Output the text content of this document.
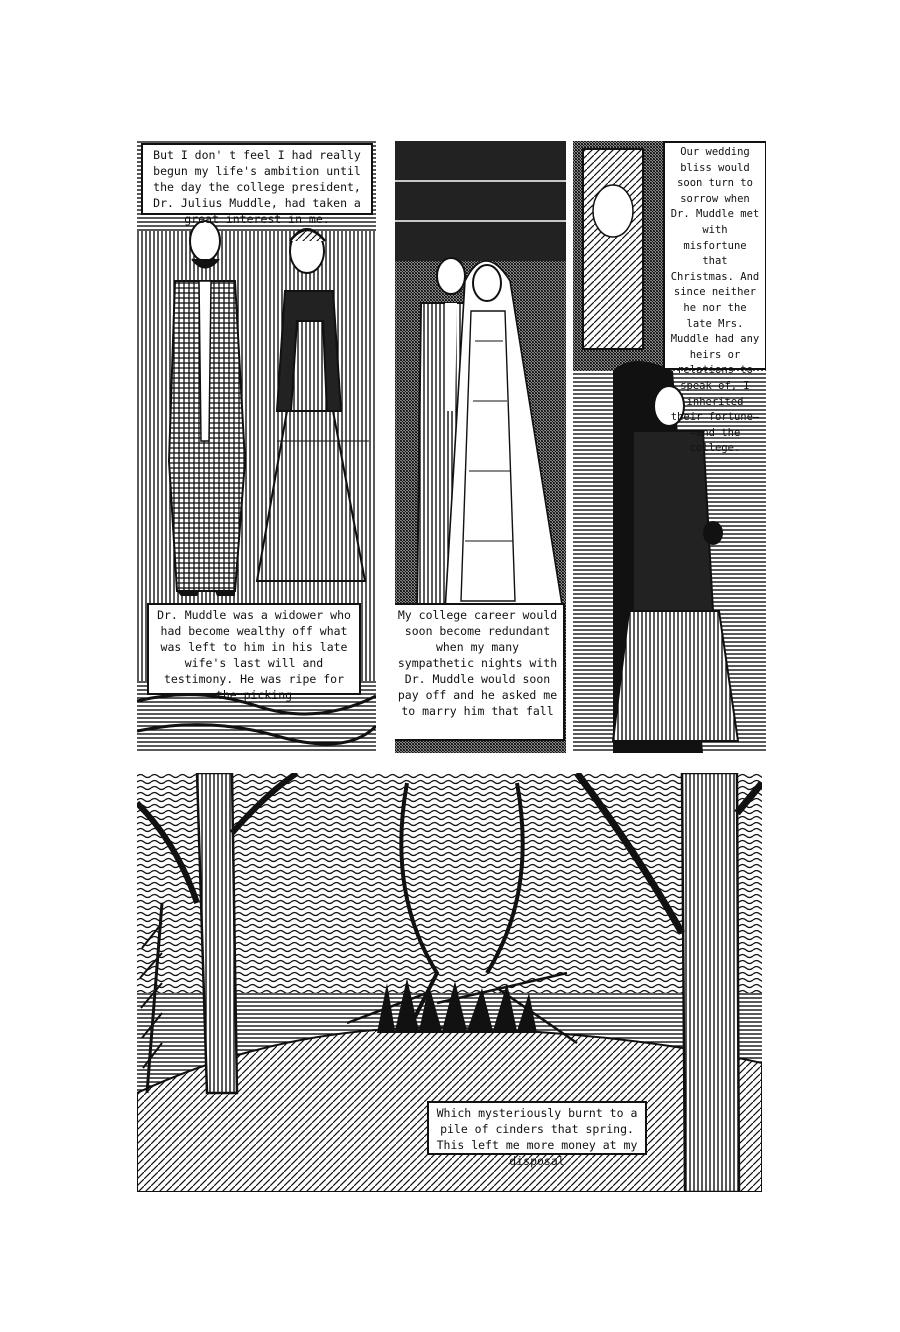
But I don' t feel I had really begun my life's ambition until the day the college president, Dr. Julius Muddle, had taken a great interest in me.
Dr. Muddle was a widower who had become wealthy off what was left to him in his late wife's last will and testimony. He was ripe for the picking
My college career would soon become redundant when my many sympathetic nights with Dr. Muddle would soon pay off and he asked me to marry him that fall
Our wedding bliss would soon turn to sorrow when Dr. Muddle met with misfortune that Christmas. And since neither he nor the late Mrs. Muddle had any heirs or relations to speak of, I inherited their fortune— —and the college.
Which mysteriously burnt to a pile of cinders that spring. This left me more money at my disposal
